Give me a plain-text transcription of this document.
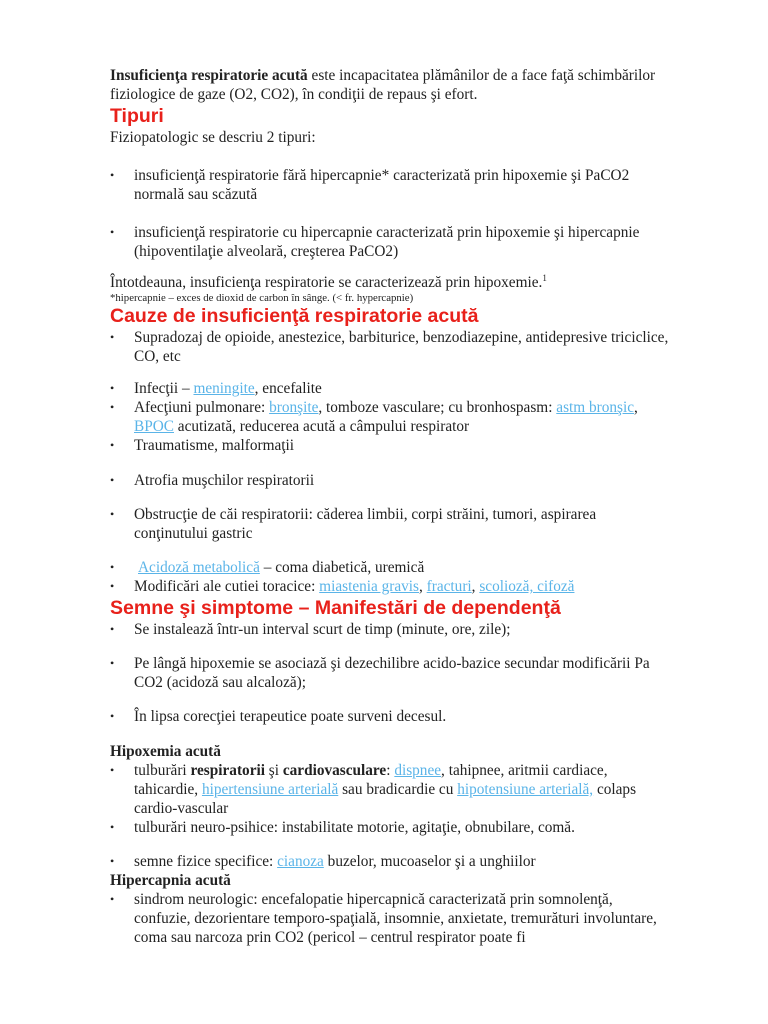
Insuficienţa respiratorie acută este incapacitatea plămânilor de a face faţă schimbărilor fiziologice de gaze (O2, CO2), în condiţii de repaus şi efort.

Tipuri

Fiziopatologic se descriu 2 tipuri:

• insuficienţă respiratorie fără hipercapnie* caracterizată prin hipoxemie şi PaCO2 normală sau scăzută
• insuficienţă respiratorie cu hipercapnie caracterizată prin hipoxemie şi hipercapnie (hipoventilaţie alveolară, creşterea PaCO2)

Întotdeauna, insuficienţa respiratorie se caracterizează prin hipoxemie.$^1$

*hipercapnie – exces de dioxid de carbon în sânge. (< fr. hypercapnie)

Cauze de insuficienţă respiratorie acută
• Supradozaj de opioide, anestezice, barbiturice, benzodiazepine, antidepresive triciclice, CO, etc
• Infecţii – meningite, encefalite
• Afecţiuni pulmonare: bronşite, tomboze vasculare; cu bronhospasm: astm bronşic, BPOC acutizată, reducerea acută a câmpului respirator
• Traumatisme, malformaţii
• Atrofia muşchilor respiratorii
• Obstrucţie de căi respiratorii: căderea limbii, corpi străini, tumori, aspirarea conţinutului gastric
• Acidoză metabolică – coma diabetică, uremică
• Modificări ale cutiei toracice: miastenia gravis, fracturi, scolioză, cifoză
Semne şi simptome – Manifestări de dependenţă
• Se instalează într-un interval scurt de timp (minute, ore, zile);
• Pe lângă hipoxemie se asociază şi dezechilibre acido-bazice secundar modificării Pa CO2 (acidoză sau alcaloză);
• În lipsa corecţiei terapeutice poate surveni decesul.

Hipoxemia acută

• tulburări respiratorii şi cardiovasculare: dispnee, tahipnee, aritmii cardiace, tahicardie, hipertensiune arterială sau bradicardie cu hipotensiune arterială, colaps cardio-vascular
• tulburări neuro-psihice: instabilitate motorie, agitaţie, obnubilare, comă.
• semne fizice specifice: cianoza buzelor, mucoaselor şi a unghiilor

Hipercapnia acută

• sindrom neurologic: encefalopatie hipercapnică caracterizată prin somnolenţă, confuzie, dezorientare temporo-spaţială, insomnie, anxietate, tremurături involuntare, coma sau narcoza prin CO2 (pericol – centrul respirator poate fi
